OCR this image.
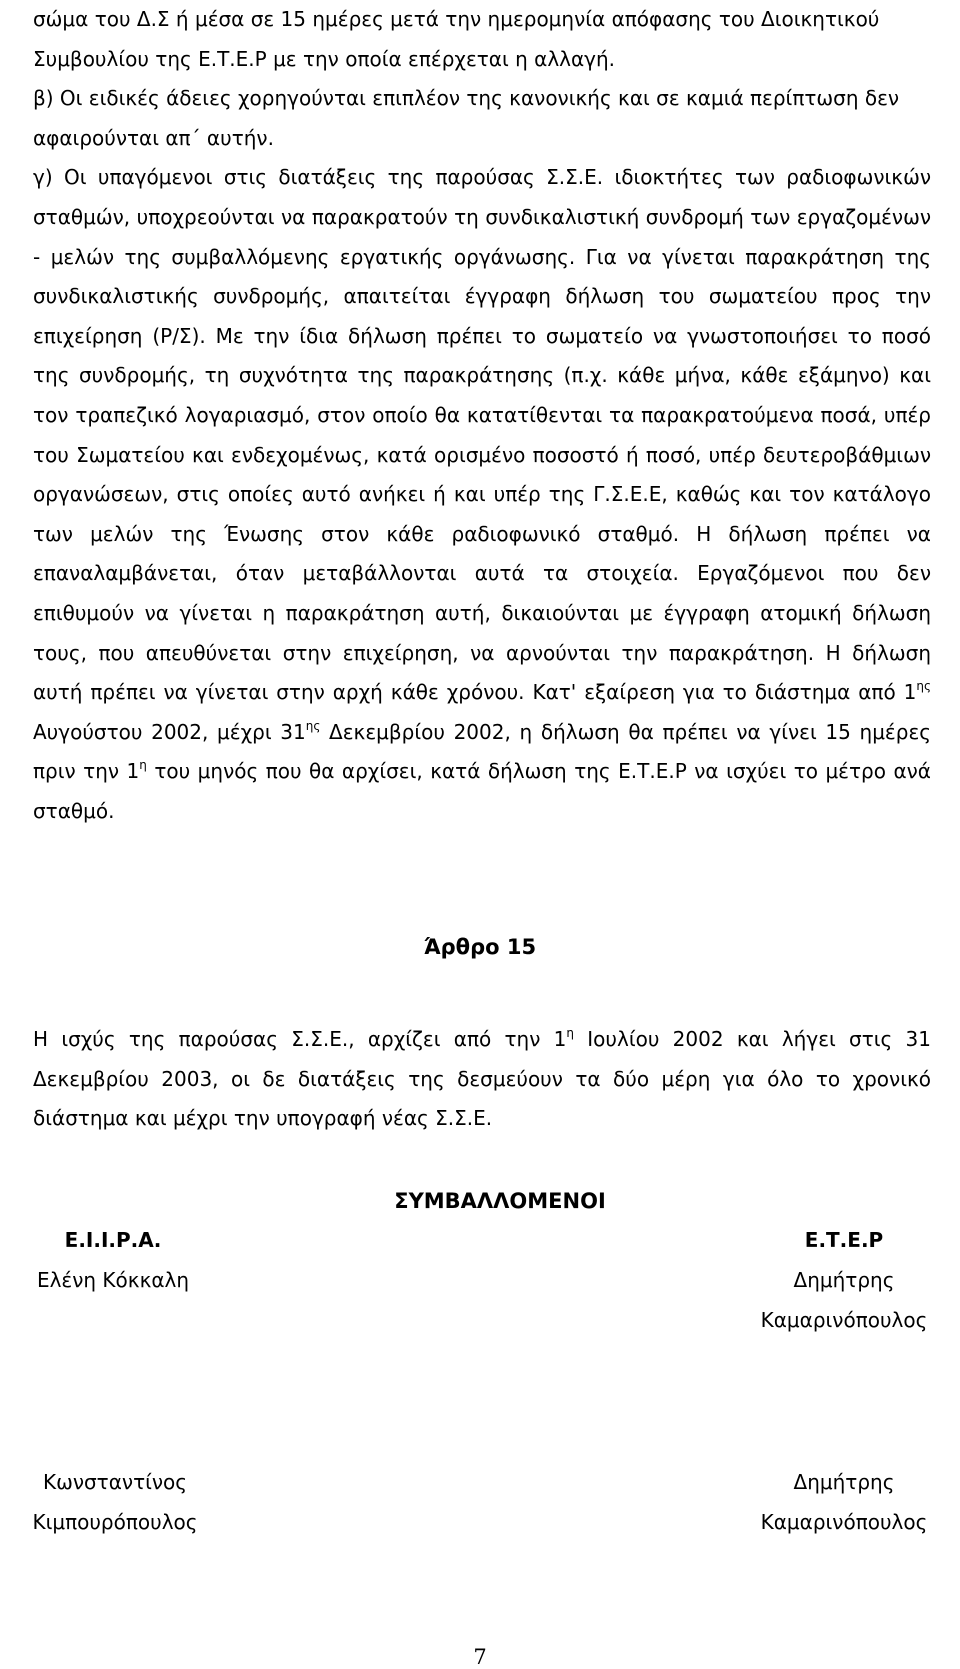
σώμα του Δ.Σ ή μέσα σε 15 ημέρες μετά την ημερομηνία απόφασης του Διοικητικού

Συμβουλίου της Ε.Τ.Ε.Ρ με την οποία επέρχεται η αλλαγή.

β) Οι ειδικές άδειες χορηγούνται επιπλέον της κανονικής και σε καμιά περίπτωση δεν

αφαιρούνται απ΄ αυτήν.

γ) Οι υπαγόμενοι στις διατάξεις της παρούσας Σ.Σ.Ε. ιδιοκτήτες των ραδιοφωνικών σταθμών, υποχρεούνται να παρακρατούν τη συνδικαλιστική συνδρομή των εργαζομένων - μελών της συμβαλλόμενης εργατικής οργάνωσης. Για να γίνεται παρακράτηση της συνδικαλιστικής συνδρομής, απαιτείται έγγραφη δήλωση του σωματείου προς την επιχείρηση (Ρ/Σ). Με την ίδια δήλωση πρέπει το σωματείο να γνωστοποιήσει το ποσό της συνδρομής, τη συχνότητα της παρακράτησης (π.χ. κάθε μήνα, κάθε εξάμηνο) και τον τραπεζικό λογαριασμό, στον οποίο θα κατατίθενται τα παρακρατούμενα ποσά, υπέρ του Σωματείου και ενδεχομένως, κατά ορισμένο ποσοστό ή ποσό, υπέρ δευτεροβάθμιων οργανώσεων, στις οποίες αυτό ανήκει ή και υπέρ της Γ.Σ.Ε.Ε, καθώς και τον κατάλογο των μελών της Ένωσης στον κάθε ραδιοφωνικό σταθμό. Η δήλωση πρέπει να επαναλαμβάνεται, όταν μεταβάλλονται αυτά τα στοιχεία. Εργαζόμενοι που δεν επιθυμούν να γίνεται η παρακράτηση αυτή, δικαιούνται με έγγραφη ατομική δήλωση τους, που απευθύνεται στην επιχείρηση, να αρνούνται την παρακράτηση. Η δήλωση αυτή πρέπει να γίνεται στην αρχή κάθε χρόνου. Κατ' εξαίρεση για το διάστημα από $1^{\eta\varsigma}$ Αυγούστου 2002, μέχρι $31^{\eta\varsigma}$ Δεκεμβρίου 2002, η δήλωση θα πρέπει να γίνει 15 ημέρες πριν την $1^\eta$ του μηνός που θα αρχίσει, κατά δήλωση της Ε.Τ.Ε.Ρ να ισχύει το μέτρο ανά σταθμό.

Άρθρο 15

Η ισχύς της παρούσας Σ.Σ.Ε., αρχίζει από την $1^\eta$ Ιουλίου 2002 και λήγει στις 31 Δεκεμβρίου 2003, οι δε διατάξεις της δεσμεύουν τα δύο μέρη για όλο το χρονικό διάστημα και μέχρι την υπογραφή νέας Σ.Σ.Ε.

ΣΥΜΒΑΛΛΟΜΕΝΟΙ
Ε.Ι.Ι.Ρ.Α.
Ελένη Κόκκαλη
Ε.Τ.Ε.Ρ
Δημήτρης
Καμαρινόπουλος
Κωνσταντίνος
Κιμπουρόπουλος
Δημήτρης
Καμαρινόπουλος
7
